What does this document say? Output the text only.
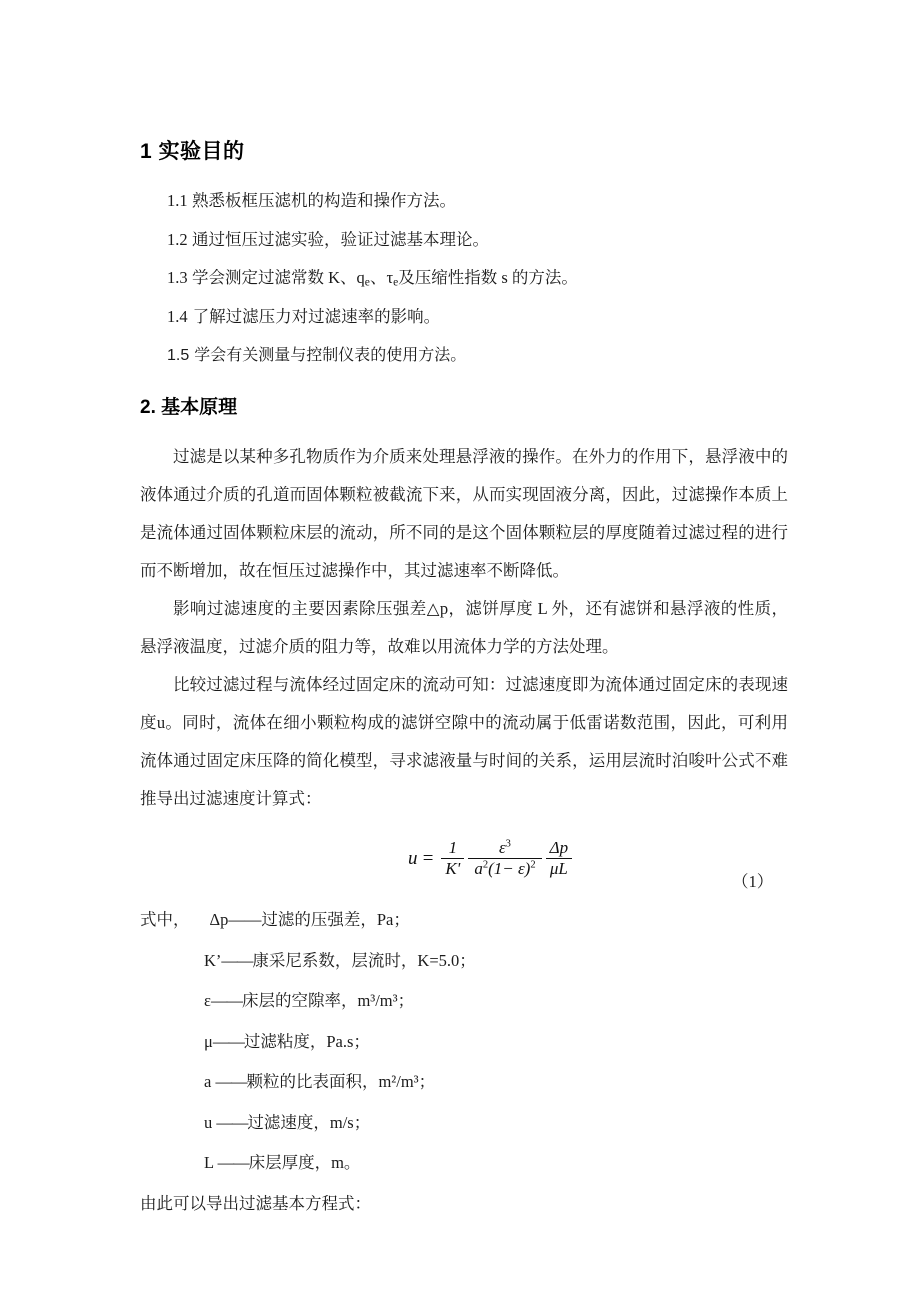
1 实验目的
1.1 熟悉板框压滤机的构造和操作方法。
1.2 通过恒压过滤实验，验证过滤基本理论。
1.3 学会测定过滤常数 K、$q_e$、$\tau_e$及压缩性指数 s 的方法。
1.4 了解过滤压力对过滤速率的影响。
1.5 学会有关测量与控制仪表的使用方法。
2. 基本原理

过滤是以某种多孔物质作为介质来处理悬浮液的操作。在外力的作用下，悬浮液中的液体通过介质的孔道而固体颗粒被截流下来，从而实现固液分离，因此，过滤操作本质上是流体通过固体颗粒床层的流动，所不同的是这个固体颗粒层的厚度随着过滤过程的进行而不断增加，故在恒压过滤操作中，其过滤速率不断降低。

影响过滤速度的主要因素除压强差△p，滤饼厚度 L 外，还有滤饼和悬浮液的性质，悬浮液温度，过滤介质的阻力等，故难以用流体力学的方法处理。

比较过滤过程与流体经过固定床的流动可知：过滤速度即为流体通过固定床的表现速度u。同时，流体在细小颗粒构成的滤饼空隙中的流动属于低雷诺数范围，因此，可利用流体通过固定床压降的简化模型，寻求滤液量与时间的关系，运用层流时泊唆叶公式不难推导出过滤速度计算式：

$u = \frac{1}{K'} \frac{\varepsilon^3}{a^2(1- \varepsilon)^2} \frac{\Delta p}{\mu L}$
（1）
式中， Δp——过滤的压强差，Pa；
K’——康采尼系数，层流时，K=5.0；
ε——床层的空隙率，m³/m³；
μ——过滤粘度，Pa.s；
a ——颗粒的比表面积，m²/m³；
u ——过滤速度，m/s；
L ——床层厚度，m。
由此可以导出过滤基本方程式：
